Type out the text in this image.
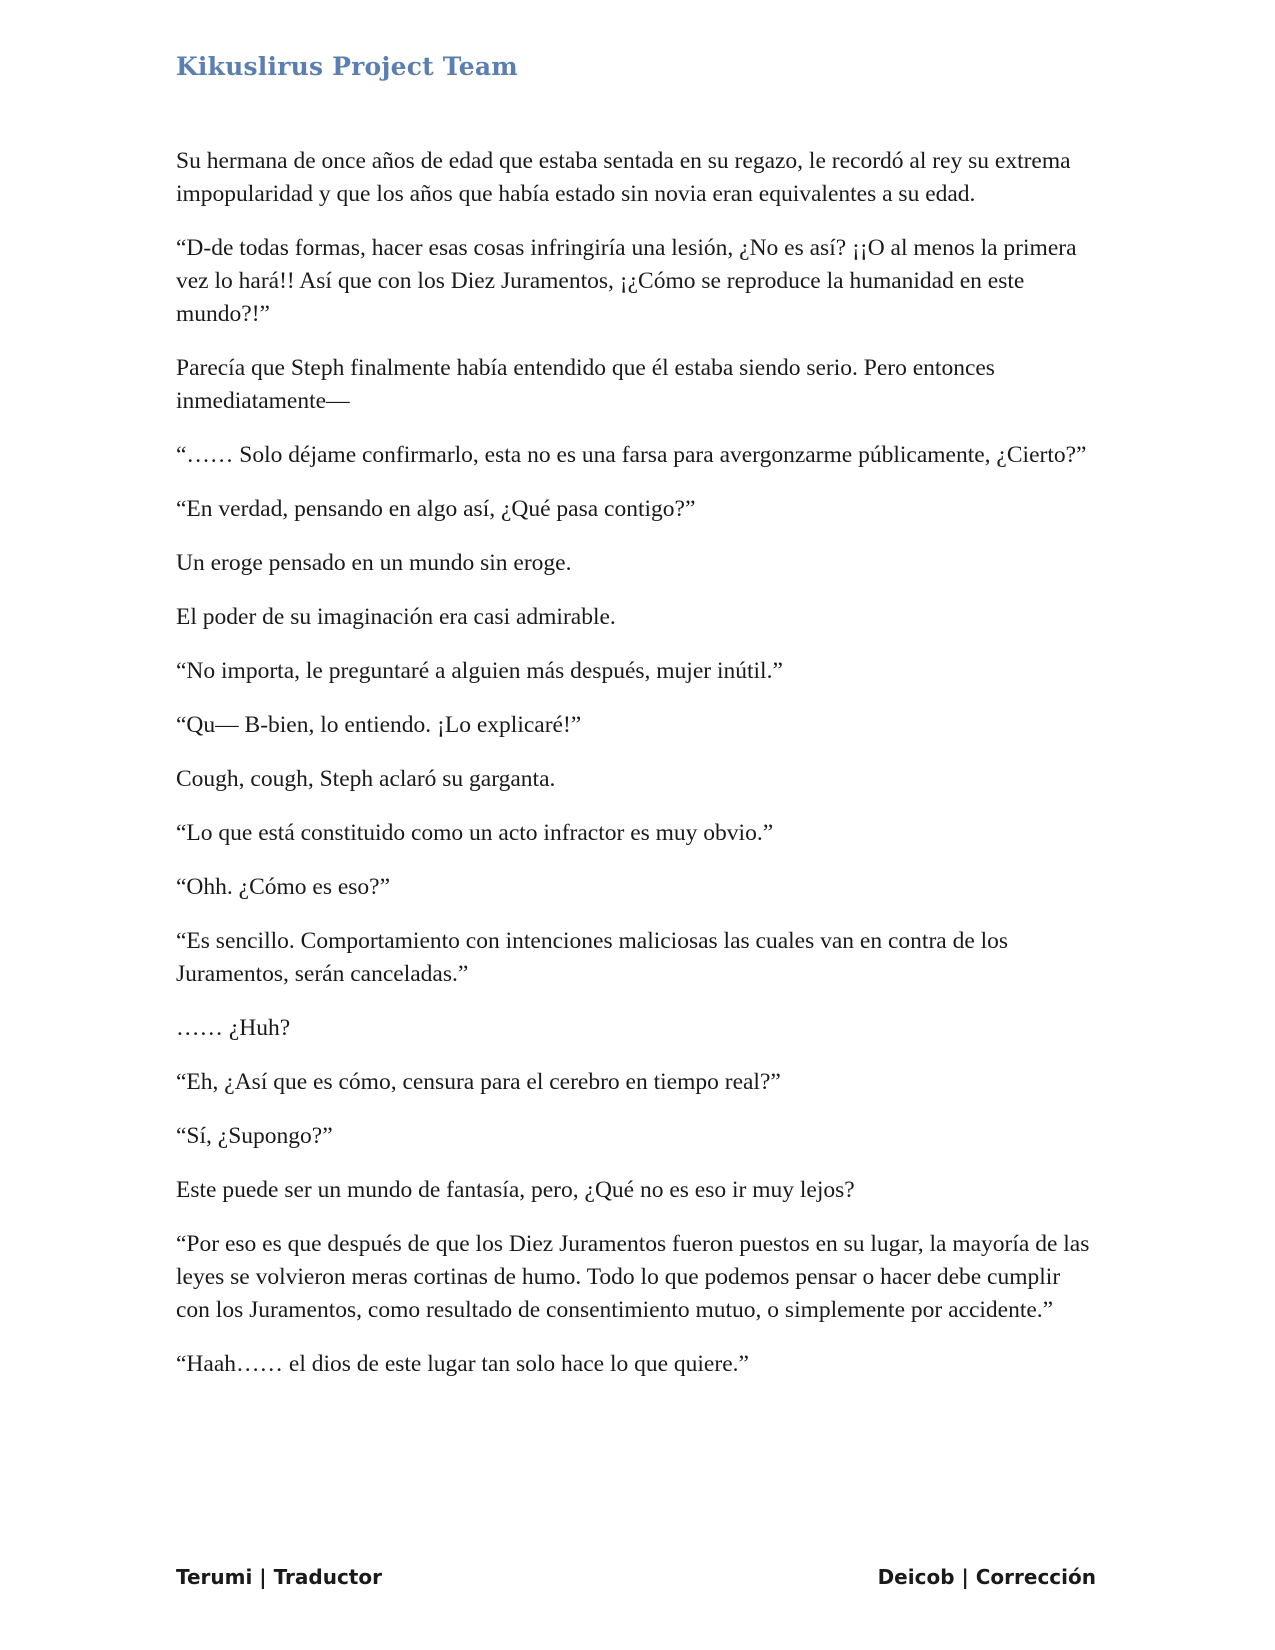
Kikuslirus Project Team

Su hermana de once años de edad que estaba sentada en su regazo, le recordó al rey su extrema impopularidad y que los años que había estado sin novia eran equivalentes a su edad.

“D-de todas formas, hacer esas cosas infringiría una lesión, ¿No es así? ¡¡O al menos la primera vez lo hará!! Así que con los Diez Juramentos, ¡¿Cómo se reproduce la humanidad en este mundo?!”

Parecía que Steph finalmente había entendido que él estaba siendo serio. Pero entonces inmediatamente—

“…… Solo déjame confirmarlo, esta no es una farsa para avergonzarme públicamente, ¿Cierto?”

“En verdad, pensando en algo así, ¿Qué pasa contigo?”

Un eroge pensado en un mundo sin eroge.

El poder de su imaginación era casi admirable.

“No importa, le preguntaré a alguien más después, mujer inútil.”

“Qu— B-bien, lo entiendo. ¡Lo explicaré!”

Cough, cough, Steph aclaró su garganta.

“Lo que está constituido como un acto infractor es muy obvio.”

“Ohh. ¿Cómo es eso?”

“Es sencillo. Comportamiento con intenciones maliciosas las cuales van en contra de los Juramentos, serán canceladas.”

…… ¿Huh?

“Eh, ¿Así que es cómo, censura para el cerebro en tiempo real?”

“Sí, ¿Supongo?”

Este puede ser un mundo de fantasía, pero, ¿Qué no es eso ir muy lejos?

“Por eso es que después de que los Diez Juramentos fueron puestos en su lugar, la mayoría de las leyes se volvieron meras cortinas de humo. Todo lo que podemos pensar o hacer debe cumplir con los Juramentos, como resultado de consentimiento mutuo, o simplemente por accidente.”

“Haah…… el dios de este lugar tan solo hace lo que quiere.”

Terumi | Traductor	Deicob | Corrección
